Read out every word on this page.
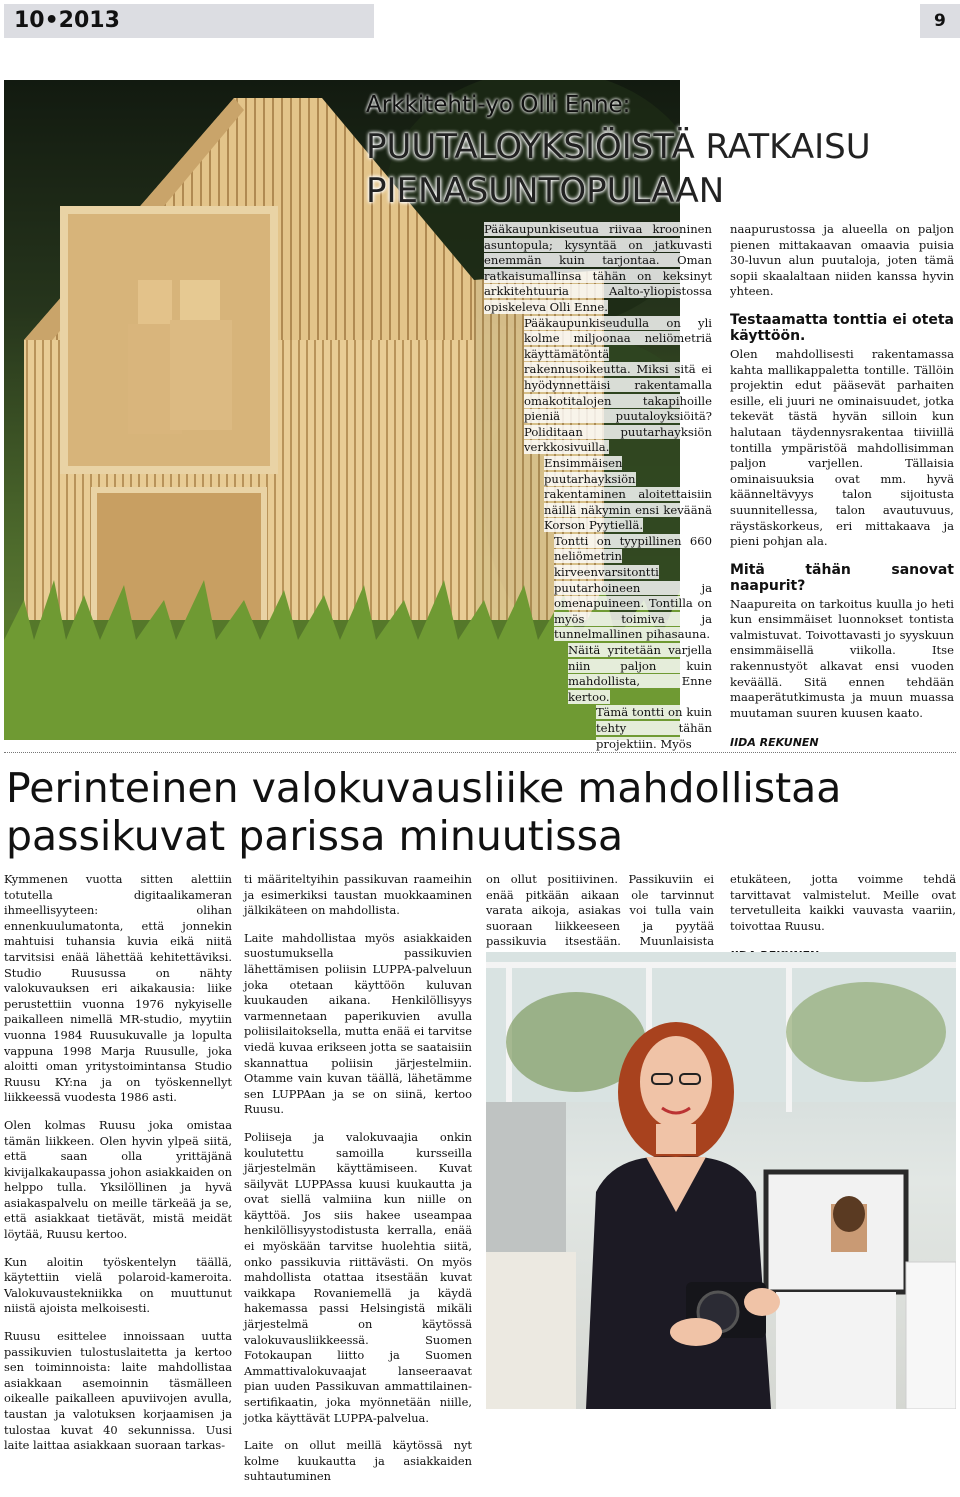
10•2013	9
Arkkitehti-yo Olli Enne:
PUUTALOYKSIÖISTÄ RATKAISU PIENASUNTOPULAAN

Pääkaupunkiseutua riivaa krooninen asuntopula; kysyntää on jatkuvasti enemmän kuin tarjontaa. Oman ratkaisumallinsa tähän on keksinyt arkkitehtuuria Aalto-yliopistossa opiskeleva Olli Enne.

Pääkaupunkiseudulla on yli kolme miljoonaa neliömetriä käyttämätöntä rakennusoikeutta. Miksi sitä ei hyödynnettäisi rakentamalla omakotitalojen takapihoille pieniä puutaloyksiöitä? Poliditaan puutarhayksiön verkkosivuilla.

Ensimmäisen puutarhayksiön rakentaminen aloitettaisiin näillä näkymin ensi keväänä Korson Pyytiellä.

Tontti on tyypillinen 660 neliömetrin kirveenvarsitontti puutarhoineen ja omenapuineen. Tontilla on myös toimiva ja tunnelmallinen pihasauna.

Näitä yritetään varjella niin paljon kuin mahdollista, Enne kertoo.

Tämä tontti on kuin tehty tähän projektiin. Myös

naapurustossa ja alueella on paljon pienen mittakaavan omaavia puisia 30-luvun alun puutaloja, joten tämä sopii skaalaltaan niiden kanssa hyvin yhteen.

Testaamatta tonttia ei oteta käyttöön.

Olen mahdollisesti rakentamassa kahta mallikappaletta tontille. Tällöin projektin edut pääsevät parhaiten esille, eli juuri ne ominaisuudet, jotka tekevät tästä hyvän silloin kun halutaan täydennysrakentaa tiiviillä tontilla ympäristöä mahdollisimman paljon varjellen. Tällaisia ominaisuuksia ovat mm. hyvä käänneltävyys talon sijoitusta suunnitellessa, talon avautuvuus, räystäskorkeus, eri mittakaava ja pieni pohjan ala.

Mitä tähän sanovat naapurit?

Naapureita on tarkoitus kuulla jo heti kun ensimmäiset luonnokset tontista valmistuvat. Toivottavasti jo syyskuun ensimmäisellä viikolla. Itse rakennustyöt alkavat ensi vuoden keväällä. Sitä ennen tehdään maaperätutkimusta ja muun muassa muutaman suuren kuusen kaato.

IIDA REKUNEN
Perinteinen valokuvausliike mahdollistaa passikuvat parissa minuutissa

Kymmenen vuotta sitten alettiin totutella digitaalikameran ihmeellisyyteen: olihan ennenkuulumatonta, että jonnekin mahtuisi tuhansia kuvia eikä niitä tarvitsisi enää lähettää kehitettäviksi. Studio Ruusussa on nähty valokuvauksen eri aikakausia: liike perustettiin vuonna 1976 nykyiselle paikalleen nimellä MR-studio, myytiin vuonna 1984 Ruusukuvalle ja lopulta vappuna 1998 Marja Ruusulle, joka aloitti oman yritystoimintansa Studio Ruusu KY:na ja on työskennellyt liikkeessä vuodesta 1986 asti.

Olen kolmas Ruusu joka omistaa tämän liikkeen. Olen hyvin ylpeä siitä, että saan olla yrittäjänä kivijalkakaupassa johon asiakkaiden on helppo tulla. Yksilöllinen ja hyvä asiakaspalvelu on meille tärkeää ja se, että asiakkaat tietävät, mistä meidät löytää, Ruusu kertoo.

Kun aloitin työskentelyn täällä, käytettiin vielä polaroid-kameroita. Valokuvaustekniikka on muuttunut niistä ajoista melkoisesti.

Ruusu esittelee innoissaan uutta passikuvien tulostuslaitetta ja kertoo sen toiminnoista: laite mahdollistaa asiakkaan asemoinnin täsmälleen oikealle paikalleen apuviivojen avulla, taustan ja valotuksen korjaamisen ja tulostaa kuvat 40 sekunnissa. Uusi laite laittaa asiakkaan suoraan tarkas-

ti määriteltyihin passikuvan raameihin ja esimerkiksi taustan muokkaaminen jälkikäteen on mahdollista.

Laite mahdollistaa myös asiakkaiden suostumuksella passikuvien lähettämisen poliisin LUPPA-palveluun joka otetaan käyttöön kuluvan kuukauden aikana. Henkilöllisyys varmennetaan paperikuvien avulla poliisilaitoksella, mutta enää ei tarvitse viedä kuvaa erikseen jotta se saataisiin skannattua poliisin järjestelmiin. Otamme vain kuvan täällä, lähetämme sen LUPPAan ja se on siinä, kertoo Ruusu.

Poliiseja ja valokuvaajia onkin koulutettu samoilla kursseilla järjestelmän käyttämiseen. Kuvat säilyvät LUPPAssa kuusi kuukautta ja ovat siellä valmiina kun niille on käyttöä. Jos siis hakee useampaa henkilöllisyystodistusta kerralla, enää ei myöskään tarvitse huolehtia siitä, onko passikuvia riittävästi. On myös mahdollista otattaa itsestään kuvat vaikkapa Rovaniemellä ja käydä hakemassa passi Helsingistä mikäli järjestelmä on käytössä valokuvausliikkeessä. Suomen Fotokaupan liitto ja Suomen Ammattivalokuvaajat lanseeraavat pian uuden Passikuvan ammattilainen-sertifikaatin, joka myönnetään niille, jotka käyttävät LUPPA-palvelua.

Laite on ollut meillä käytössä nyt kolme kuukautta ja asiakkaiden suhtautuminen

on ollut positiivinen. Passikuviin ei enää pitkään aikaan ole tarvinnut varata aikoja, asiakas voi tulla vain suoraan liikkeeseen ja pyytää passikuvia itsestään. Muunlaisista

etukäteen, jotta voimme tehdä tarvittavat valmistelut. Meille ovat tervetulleita kaikki vauvasta vaariin, toivottaa Ruusu.
